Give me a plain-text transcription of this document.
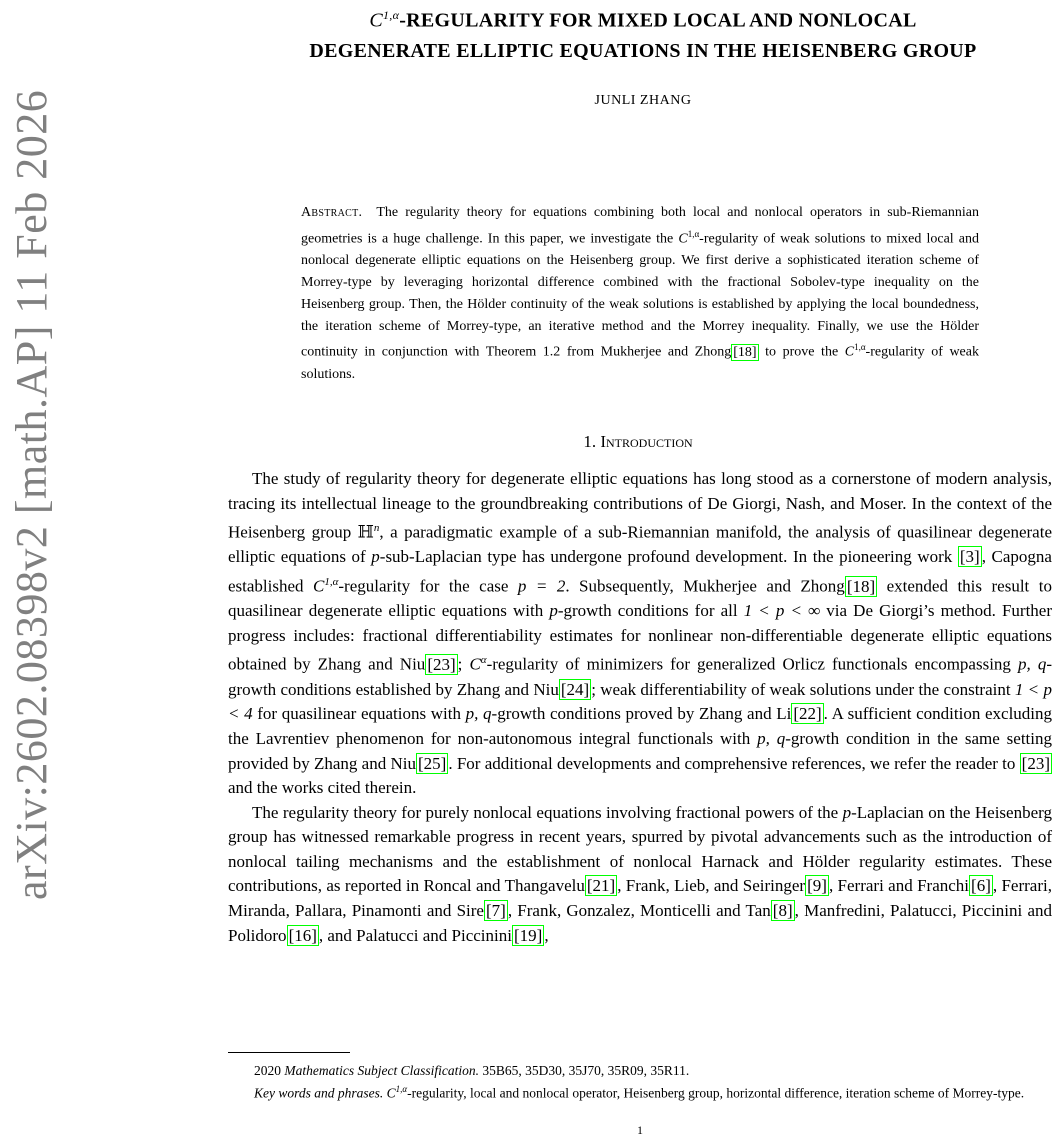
arXiv:2602.08398v2 [math.AP] 11 Feb 2026
$C^{1,\alpha}$-REGULARITY FOR MIXED LOCAL AND NONLOCAL
DEGENERATE ELLIPTIC EQUATIONS IN THE HEISENBERG GROUP
JUNLI ZHANG
Abstract. The regularity theory for equations combining both local and nonlocal operators in sub-Riemannian geometries is a huge challenge. In this paper, we investigate the $C^{1,\alpha}$-regularity of weak solutions to mixed local and nonlocal degenerate elliptic equations on the Heisenberg group. We first derive a sophisticated iteration scheme of Morrey-type by leveraging horizontal difference combined with the fractional Sobolev-type inequality on the Heisenberg group. Then, the Hölder continuity of the weak solutions is established by applying the local boundedness, the iteration scheme of Morrey-type, an iterative method and the Morrey inequality. Finally, we use the Hölder continuity in conjunction with Theorem 1.2 from Mukherjee and Zhong [18] to prove the $C^{1,\alpha}$-regularity of weak solutions.
1. Introduction

The study of regularity theory for degenerate elliptic equations has long stood as a cornerstone of modern analysis, tracing its intellectual lineage to the groundbreaking contributions of De Giorgi, Nash, and Moser. In the context of the Heisenberg group ℍ$^n$, a paradigmatic example of a sub-Riemannian manifold, the analysis of quasilinear degenerate elliptic equations of p-sub-Laplacian type has undergone profound development. In the pioneering work [3] , Capogna established $C^{1,\alpha}$-regularity for the case p = 2. Subsequently, Mukherjee and Zhong [18] extended this result to quasilinear degenerate elliptic equations with p-growth conditions for all 1 < p < ∞ via De Giorgi’s method. Further progress includes: fractional differentiability estimates for nonlinear non-differentiable degenerate elliptic equations obtained by Zhang and Niu [23] ; $C^\alpha$-regularity of minimizers for generalized Orlicz functionals encompassing p, q-growth conditions established by Zhang and Niu [24] ; weak differentiability of weak solutions under the constraint 1 < p < 4 for quasilinear equations with p, q-growth conditions proved by Zhang and Li [22] . A sufficient condition excluding the Lavrentiev phenomenon for non-autonomous integral functionals with p, q-growth condition in the same setting provided by Zhang and Niu [25] . For additional developments and comprehensive references, we refer the reader to [23] and the works cited therein.

The regularity theory for purely nonlocal equations involving fractional powers of the p-Laplacian on the Heisenberg group has witnessed remarkable progress in recent years, spurred by pivotal advancements such as the introduction of nonlocal tailing mechanisms and the establishment of nonlocal Harnack and Hölder regularity estimates. These contributions, as reported in Roncal and Thangavelu [21] , Frank, Lieb, and Seiringer [9] , Ferrari and Franchi [6] , Ferrari, Miranda, Pallara, Pinamonti and Sire [7] , Frank, Gonzalez, Monticelli and Tan [8] , Manfredini, Palatucci, Piccinini and Polidoro [16] , and Palatucci and Piccinini [19] ,

2020 Mathematics Subject Classification. 35B65, 35D30, 35J70, 35R09, 35R11.

Key words and phrases. $C^{1,\alpha}$-regularity, local and nonlocal operator, Heisenberg group, horizontal difference, iteration scheme of Morrey-type.

1
